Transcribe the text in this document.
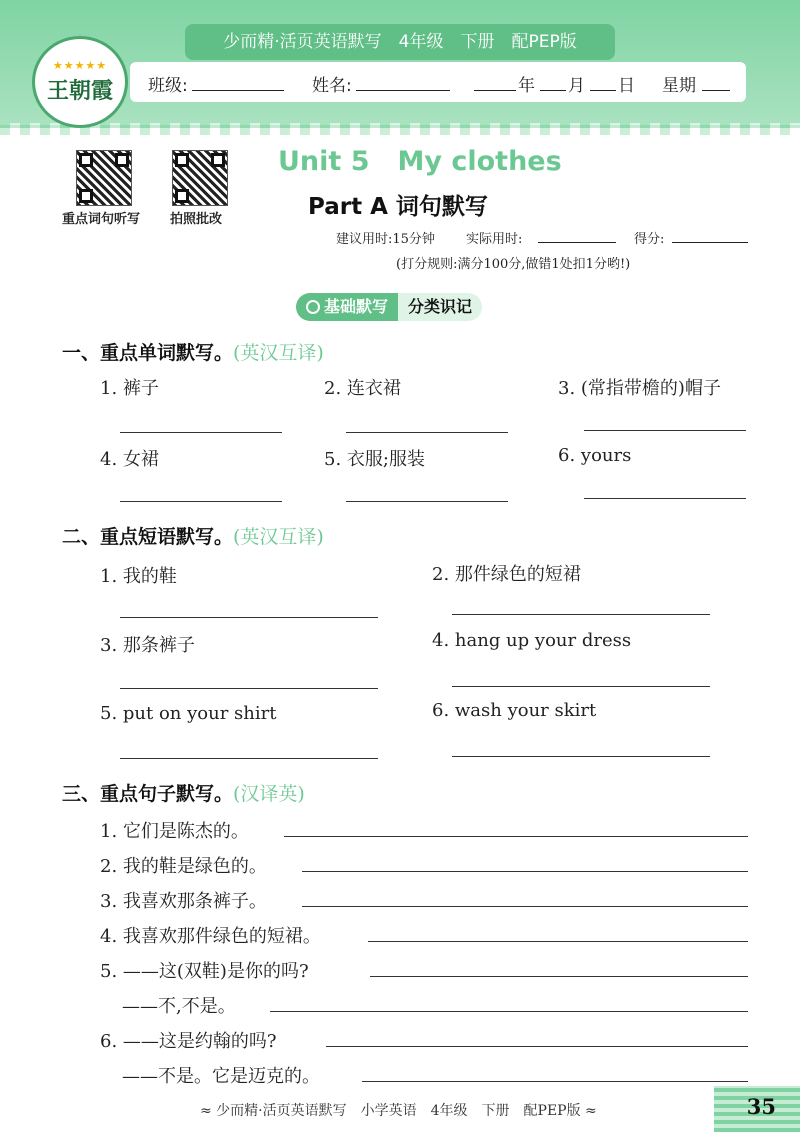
少而精·活页英语默写　4年级　下册　配PEP版
★★★★★
王朝霞 班级:	姓名:	年 月 日 星期
重点词句听写 拍照批改
Unit 5 My clothes
Part A 词句默写
建议用时:15分钟 实际用时:	得分:
(打分规则:满分100分,做错1处扣1分哟!)
基础默写	分类识记
一、重点单词默写。(英汉互译)
1. 裤子	2. 连衣裙	3. (常指带檐的)帽子
4. 女裙	5. 衣服;服装	6. yours
二、重点短语默写。(英汉互译)
1. 我的鞋	2. 那件绿色的短裙
3. 那条裤子	4. hang up your dress
5. put on your shirt	6. wash your skirt
三、重点句子默写。(汉译英)
1. 它们是陈杰的。
2. 我的鞋是绿色的。
3. 我喜欢那条裤子。
4. 我喜欢那件绿色的短裙。
5. ——这(双鞋)是你的吗?
——不,不是。
6. ——这是约翰的吗?
——不是。它是迈克的。
≈ 少而精·活页英语默写　小学英语　4年级　下册　配PEP版 ≈	35
